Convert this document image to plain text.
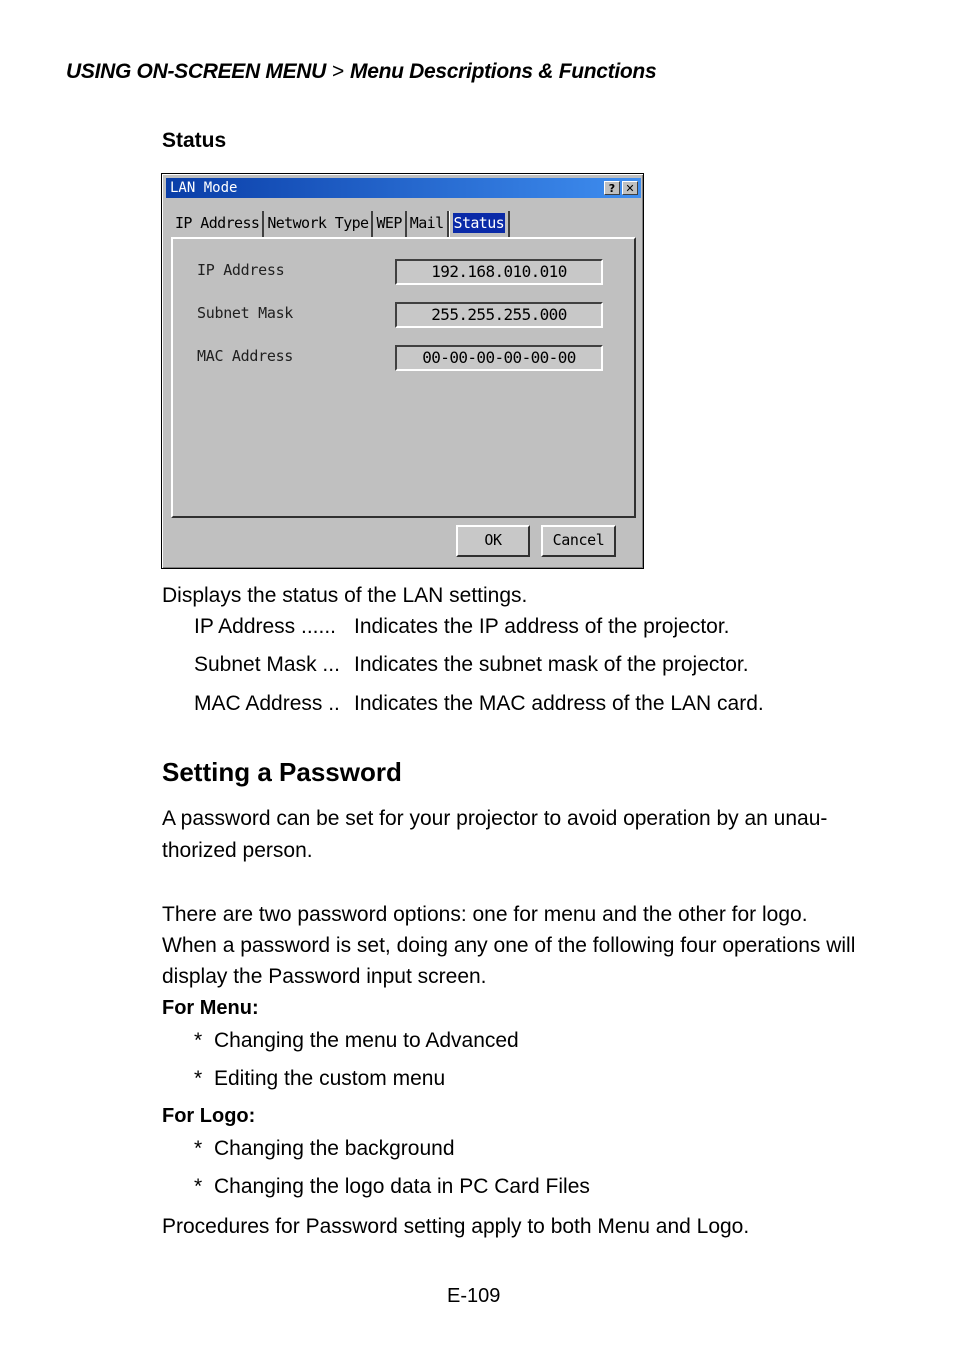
USING ON-SCREEN MENU > Menu Descriptions & Functions
Status
LAN Mode	? ✕
IP Address Network Type WEP Mail Status
IP Address	192.168.010.010
Subnet Mask	255.255.255.000
MAC Address	00-00-00-00-00-00
OK	Cancel
Displays the status of the LAN settings.
IP Address ...... Indicates the IP address of the projector.
Subnet Mask ... Indicates the subnet mask of the projector.
MAC Address .. Indicates the MAC address of the LAN card.
Setting a Password
A password can be set for your projector to avoid operation by an unau-
thorized person.
There are two password options: one for menu and the other for logo.
When a password is set, doing any one of the following four operations will
display the Password input screen.
For Menu:
* Changing the menu to Advanced
* Editing the custom menu
For Logo:
* Changing the background
* Changing the logo data in PC Card Files
Procedures for Password setting apply to both Menu and Logo.
E-109
